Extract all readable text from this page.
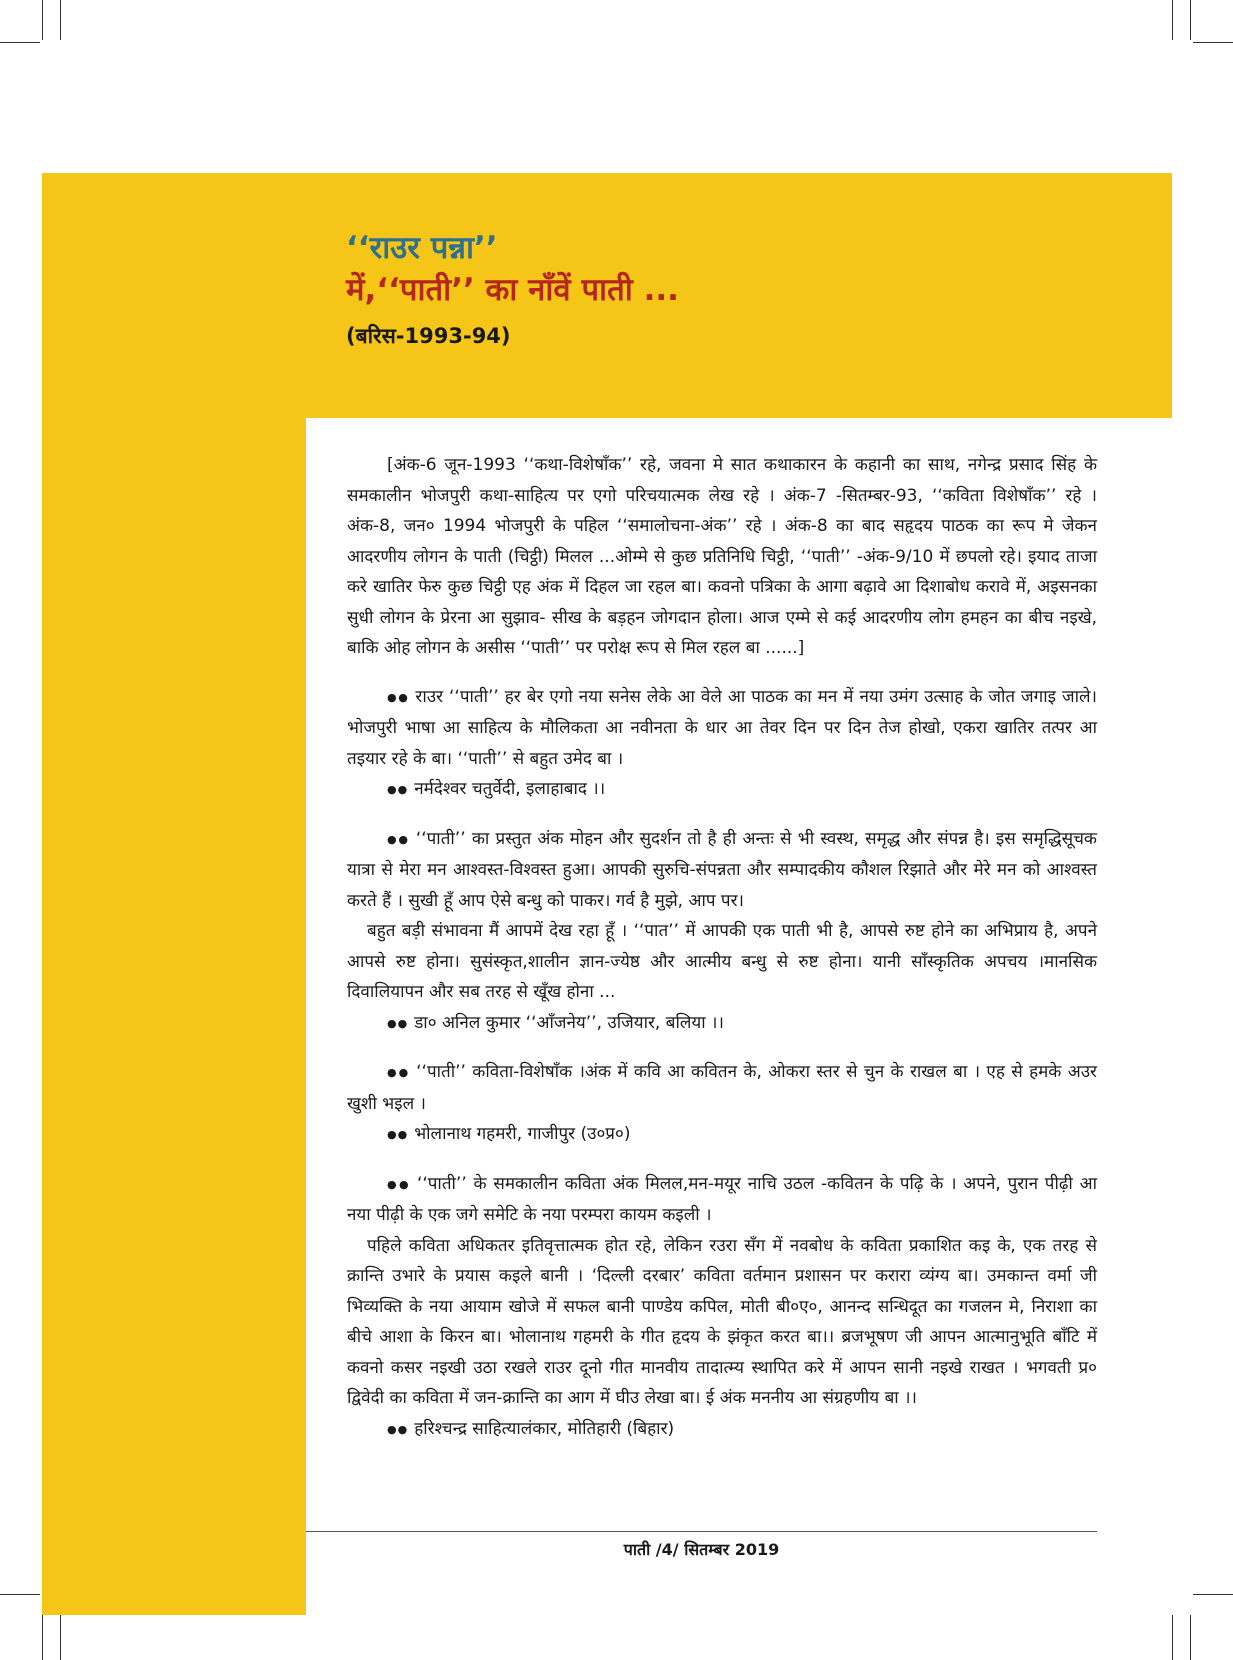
‘‘राउर पन्ना’’
में,‘‘पाती’’ का नाँवें पाती ...
(बरिस-1993-94)

[अंक-6 जून-1993 ‘‘कथा-विशेषाँक’’ रहे, जवना मे सात कथाकारन के कहानी का साथ, नगेन्द्र प्रसाद सिंह के समकालीन भोजपुरी कथा-साहित्य पर एगो परिचयात्मक लेख रहे । अंक-7 -सितम्बर-93, ‘‘कविता विशेषाँक’’ रहे । अंक-8, जन० 1994 भोजपुरी के पहिल ‘‘समालोचना-अंक’’ रहे । अंक-8 का बाद सहृदय पाठक का रूप मे जेकन आदरणीय लोगन के पाती (चिट्ठी) मिलल ...ओम्मे से कुछ प्रतिनिधि चिट्ठी, ‘‘पाती’’ -अंक-9/10 में छपलो रहे। इयाद ताजा करे खातिर फेरु कुछ चिट्ठी एह अंक में दिहल जा रहल बा। कवनो पत्रिका के आगा बढ़ावे आ दिशाबोध करावे में, अइसनका सुधी लोगन के प्रेरना आ सुझाव- सीख के बड़हन जोगदान होला। आज एम्मे से कई आदरणीय लोग हमहन का बीच नइखे, बाकि ओह लोगन के असीस ‘‘पाती’’ पर परोक्ष रूप से मिल रहल बा ......]

●● राउर ‘‘पाती’’ हर बेर एगो नया सनेस लेके आ वेले आ पाठक का मन में नया उमंग उत्साह के जोत जगाइ जाले। भोजपुरी भाषा आ साहित्य के मौलिकता आ नवीनता के धार आ तेवर दिन पर दिन तेज होखो, एकरा खातिर तत्पर आ तइयार रहे के बा। ‘‘पाती’’ से बहुत उमेद बा ।

●● नर्मदेश्वर चतुर्वेदी, इलाहाबाद ।।

●● ‘‘पाती’’ का प्रस्तुत अंक मोहन और सुदर्शन तो है ही अन्तः से भी स्वस्थ, समृद्ध और संपन्न है। इस समृद्धिसूचक यात्रा से मेरा मन आश्वस्त-विश्वस्त हुआ। आपकी सुरुचि-संपन्नता और सम्पादकीय कौशल रिझाते और मेरे मन को आश्वस्त करते हैं । सुखी हूँ आप ऐसे बन्धु को पाकर। गर्व है मुझे, आप पर।

बहुत बड़ी संभावना मैं आपमें देख रहा हूँ । ‘‘पात’’ में आपकी एक पाती भी है, आपसे रुष्ट होने का अभिप्राय है, अपने आपसे रुष्ट होना। सुसंस्कृत,शालीन ज्ञान-ज्येष्ठ और आत्मीय बन्धु से रुष्ट होना। यानी साँस्कृतिक अपचय ।मानसिक दिवालियापन और सब तरह से खूँख होना ...

●● डा० अनिल कुमार ‘‘आँजनेय’’, उजियार, बलिया ।।

●● ‘‘पाती’’ कविता-विशेषाँक ।अंक में कवि आ कवितन के, ओकरा स्तर से चुन के राखल बा । एह से हमके अउर खुशी भइल ।

●● भोलानाथ गहमरी, गाजीपुर (उ०प्र०)

●● ‘‘पाती’’ के समकालीन कविता अंक मिलल,मन-मयूर नाचि उठल -कवितन के पढ़ि के । अपने, पुरान पीढ़ी आ नया पीढ़ी के एक जगे समेटि के नया परम्परा कायम कइली ।

पहिले कविता अधिकतर इतिवृत्तात्मक होत रहे, लेकिन रउरा सँग में नवबोध के कविता प्रकाशित कइ के, एक तरह से क्रान्ति उभारे के प्रयास कइले बानी । ‘दिल्ली दरबार’ कविता वर्तमान प्रशासन पर करारा व्यंग्य बा। उमकान्त वर्मा जी भिव्यक्ति के नया आयाम खोजे में सफल बानी पाण्डेय कपिल, मोती बी०ए०, आनन्द सन्धिदूत का गजलन मे, निराशा का बीचे आशा के किरन बा। भोलानाथ गहमरी के गीत हृदय के झंकृत करत बा।। ब्रजभूषण जी आपन आत्मानुभूति बाँटि में कवनो कसर नइखी उठा रखले राउर दूनो गीत मानवीय तादात्म्य स्थापित करे में आपन सानी नइखे राखत । भगवती प्र० द्विवेदी का कविता में जन-क्रान्ति का आग में घीउ लेखा बा। ई अंक मननीय आ संग्रहणीय बा ।।

●● हरिश्चन्द्र साहित्यालंकार, मोतिहारी (बिहार)

पाती /4/ सितम्बर 2019
